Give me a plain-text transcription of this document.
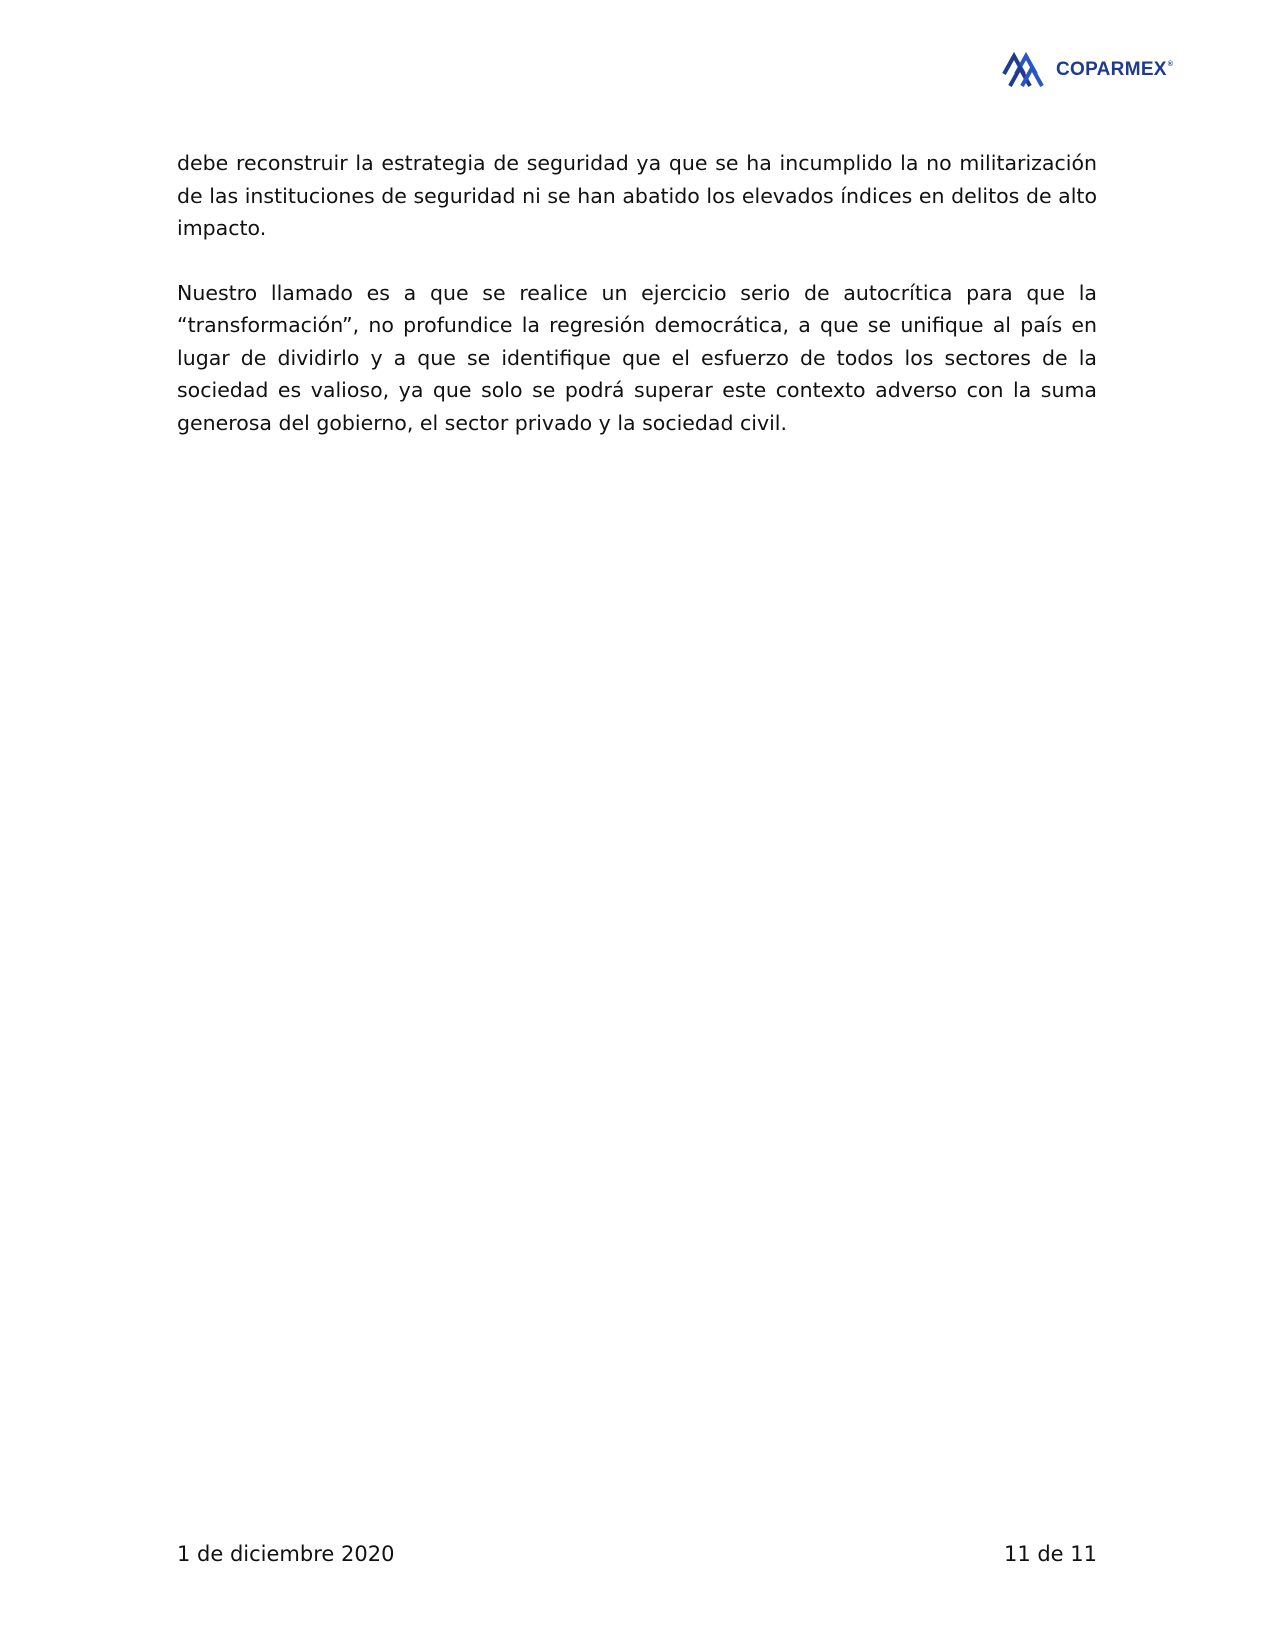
COPARMEX®

debe reconstruir la estrategia de seguridad ya que se ha incumplido la no militarización de las instituciones de seguridad ni se han abatido los elevados índices en delitos de alto impacto.

Nuestro llamado es a que se realice un ejercicio serio de autocrítica para que la “transformación”, no profundice la regresión democrática, a que se unifique al país en lugar de dividirlo y a que se identifique que el esfuerzo de todos los sectores de la sociedad es valioso, ya que solo se podrá superar este contexto adverso con la suma generosa del gobierno, el sector privado y la sociedad civil.

1 de diciembre 2020	11 de 11
